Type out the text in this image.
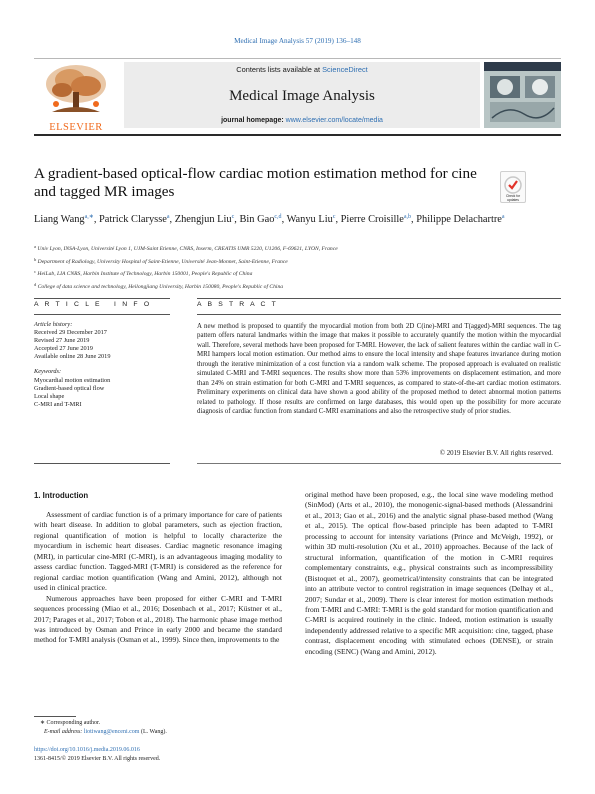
Medical Image Analysis 57 (2019) 136–148
ELSEVIER
Contents lists available at ScienceDirect
Medical Image Analysis
journal homepage: www.elsevier.com/locate/media
A gradient-based optical-flow cardiac motion estimation method for cine and tagged MR images	Check for updates
Liang Wang$^{a,∗}$, Patrick Clarysse$^a$, Zhengjun Liu$^c$, Bin Gao$^{c,d}$, Wanyu Liu$^c$, Pierre Croisille$^{a,b}$, Philippe Delachartre$^a$
$^a$ Univ Lyon, INSA-Lyon, Université Lyon 1, UJM-Saint Etienne, CNRS, Inserm, CREATIS UMR 5220, U1206, F-69621, LYON, France
$^b$ Department of Radiology, University Hospital of Saint-Etienne, Université Jean-Monnet, Saint-Etienne, France
$^c$ HeiLab, LIA CNRS, Harbin Institute of Technology, Harbin 150001, People's Republic of China
$^d$ College of data science and technology, Heilongjiang University, Harbin 150080, People's Republic of China
A R T I C L E   I N F O	A B S T R A C T
Article history:
Received 29 December 2017
Revised 27 June 2019
Accepted 27 June 2019
Available online 28 June 2019
Keywords:
Myocardial motion estimation
Gradient-based optical flow
Local shape
C-MRI and T-MRI
A new method is proposed to quantify the myocardial motion from both 2D C(ine)-MRI and T(agged)-MRI sequences. The tag pattern offers natural landmarks within the image that makes it possible to accurately quantify the motion within the myocardial wall. Therefore, several methods have been proposed for T-MRI. However, the lack of salient features within the cardiac wall in C-MRI hampers local motion estimation. Our method aims to ensure the local intensity and shape features invariance during motion through the iterative minimization of a cost function via a random walk scheme. The proposed approach is evaluated on realistic simulated C-MRI and T-MRI sequences. The results show more than 53% improvements on displacement estimation, and more than 24% on strain estimation for both C-MRI and T-MRI sequences, as compared to state-of-the-art cardiac motion estimators. Preliminary experiments on clinical data have shown a good ability of the proposed method to detect abnormal motion patterns related to pathology. If those results are confirmed on large databases, this would open up the possibility for more accurate diagnosis of cardiac function from standard C-MRI examinations and also the retrospective study of prior studies.
© 2019 Elsevier B.V. All rights reserved.
1. Introduction

Assessment of cardiac function is of a primary importance for care of patients with heart disease. In addition to global parameters, such as ejection fraction, regional quantification of motion is helpful to locally characterize the myocardium in ischemic heart diseases. Cardiac magnetic resonance imaging (MRI), in particular cine-MRI (C-MRI), is an advantageous imaging modality to assess cardiac function. Tagged-MRI (T-MRI) is considered as the reference for regional cardiac motion quantification (Wang and Amini, 2012), although not used in clinical practice.

Numerous approaches have been proposed for either C-MRI and T-MRI sequences processing (Miao et al., 2016; Dosenbach et al., 2017; Küstner et al., 2017; Parages et al., 2017; Tobon et al., 2018). The harmonic phase image method was introduced by Osman and Prince in early 2000 and became the standard method for T-MRI analysis (Osman et al., 1999). Since then, improvements to the

original method have been proposed, e.g., the local sine wave modeling method (SinMod) (Arts et al., 2010), the monogenic-signal-based methods (Alessandrini et al., 2013; Gao et al., 2016) and the analytic signal phase-based method (Wang et al., 2015). The optical flow-based principle has been adapted to T-MRI processing to account for intensity variations (Prince and McVeigh, 1992), or within 3D multi-resolution (Xu et al., 2010) approaches. Because of the lack of structural information, quantification of the motion in C-MRI requires complementary constraints, e.g., physical constraints such as incompressibility (Bistoquet et al., 2007), geometrical/intensity constraints that can be integrated into an attribute vector to control registration in image sequences (Delhay et al., 2007; Sundar et al., 2009). There is clear interest for motion estimation methods from T-MRI and C-MRI: T-MRI is the gold standard for motion quantification and C-MRI is acquired routinely in the clinic. Indeed, motion estimation is usually independently addressed relative to a specific MR acquisition: cine, tagged, phase contrast, displacement encoding with stimulated echoes (DENSE), or strain encoding (SENC) (Wang and Amini, 2012).
∗ Corresponding author.
E-mail address: liotiwang@enceni.com (L. Wang).
https://doi.org/10.1016/j.media.2019.06.016
1361-8415/© 2019 Elsevier B.V. All rights reserved.
